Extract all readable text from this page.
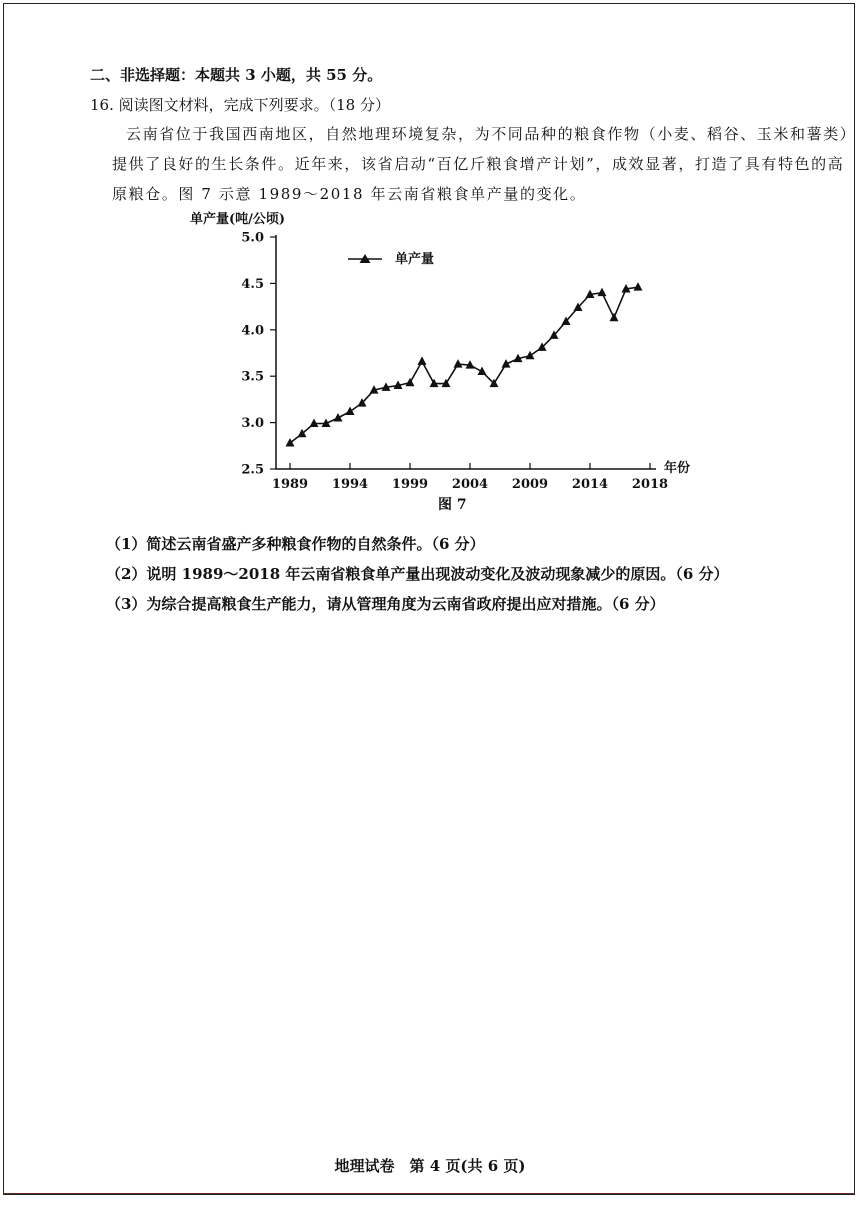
二、非选择题：本题共 3 小题，共 55 分。
16. 阅读图文材料，完成下列要求。（18 分）
云南省位于我国西南地区，自然地理环境复杂，为不同品种的粮食作物（小麦、稻谷、玉米和薯类）
提供了良好的生长条件。近年来，该省启动“百亿斤粮食增产计划”，成效显著，打造了具有特色的高
原粮仓。图 7 示意 1989～2018 年云南省粮食单产量的变化。
单产量(吨/公顷)
5.0
4.5
4.0
3.5
3.0
2.5
1989 1994 1999 2004 2009 2014 2018
年份
单产量
图 7
（1）简述云南省盛产多种粮食作物的自然条件。（6 分）
（2）说明 1989～2018 年云南省粮食单产量出现波动变化及波动现象减少的原因。（6 分）
（3）为综合提高粮食生产能力，请从管理角度为云南省政府提出应对措施。（6 分）
地理试卷　第 4 页(共 6 页)
